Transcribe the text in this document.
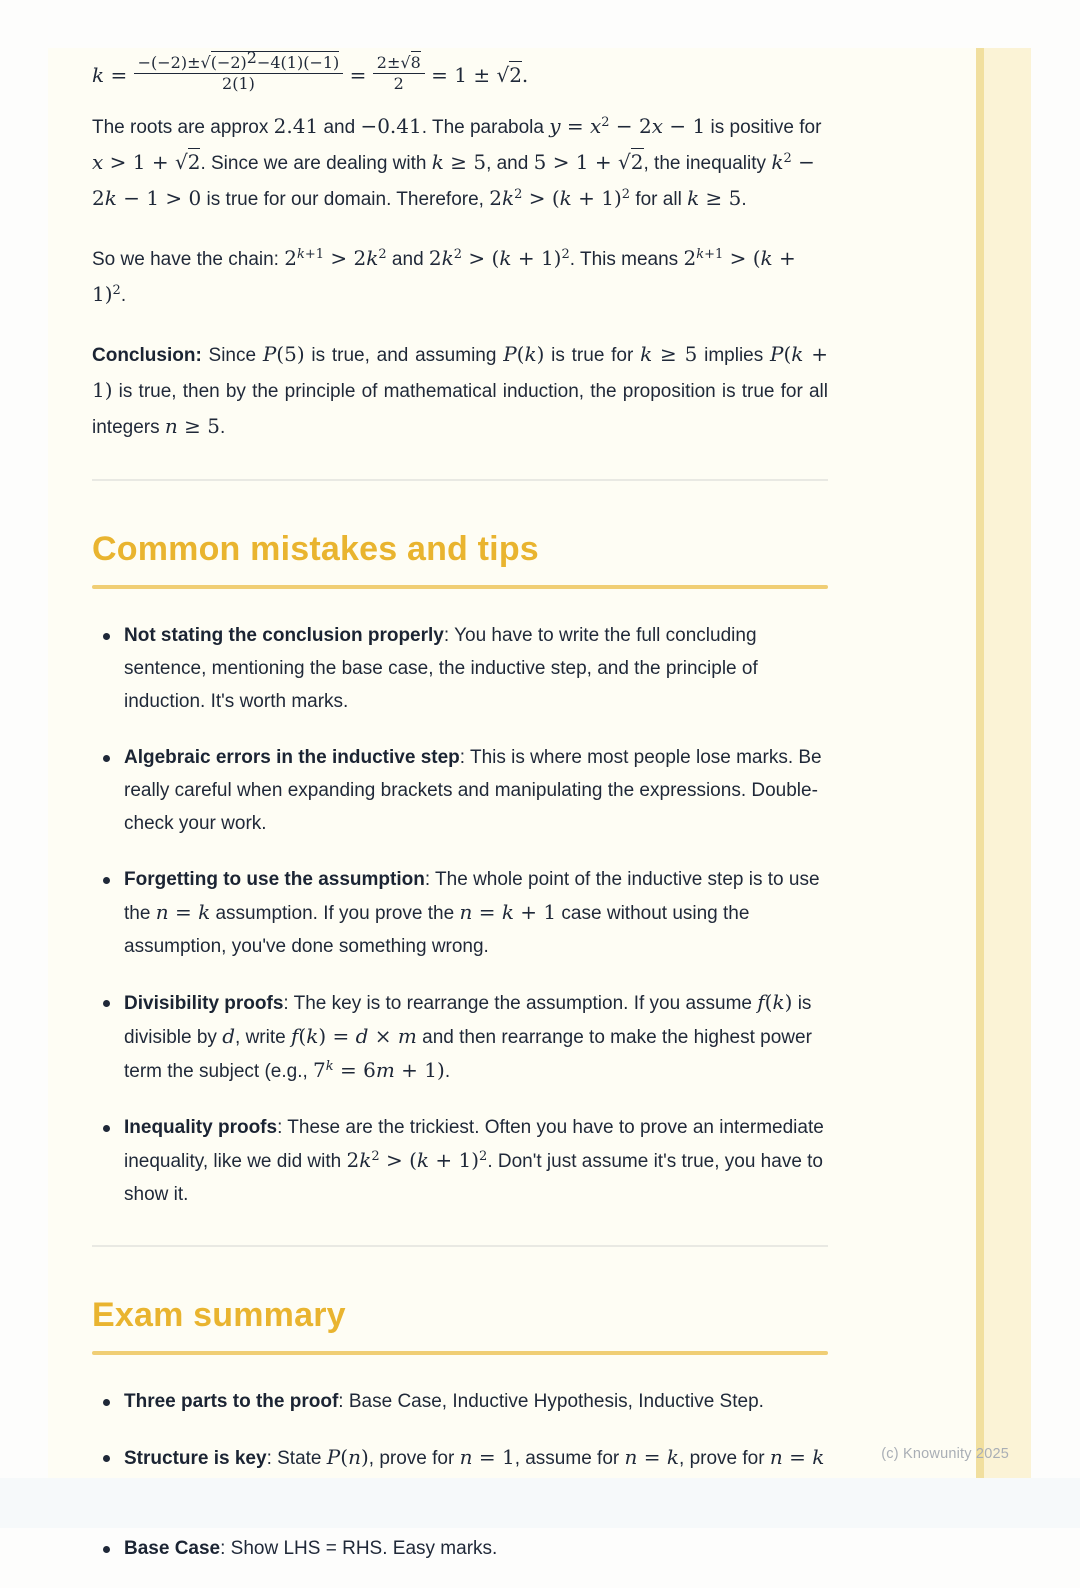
$k = \frac{-(-2)\pm√(-2)2-4(1)(-1)}{2(1)} = \frac{2\pm√8}{2} = 1 \pm √2$.

The roots are approx 2.41 and −0.41. The parabola $y = x^2 - 2x - 1$ is positive for x > 1 + √2. Since we are dealing with k ≥ 5, and 5 > 1 + √2, the inequality $k^2 - 2k - 1 > 0$ is true for our domain. Therefore, $2k^2 > (k + 1)^2$ for all k ≥ 5.

So we have the chain: $2^{k+1} > 2k^2$ and $2k^2 > (k + 1)^2$. This means $2^{k+1} > (k + 1)^2$.

Conclusion: Since P(5) is true, and assuming P(k) is true for k ≥ 5 implies P(k + 1) is true, then by the principle of mathematical induction, the proposition is true for all integers n ≥ 5.

Common mistakes and tips
Not stating the conclusion properly: You have to write the full concluding sentence, mentioning the base case, the inductive step, and the principle of induction. It's worth marks.
Algebraic errors in the inductive step: This is where most people lose marks. Be really careful when expanding brackets and manipulating the expressions. Double-check your work.
Forgetting to use the assumption: The whole point of the inductive step is to use the n = k assumption. If you prove the n = k + 1 case without using the assumption, you've done something wrong.
Divisibility proofs: The key is to rearrange the assumption. If you assume f(k) is divisible by d, write f(k) = d × m and then rearrange to make the highest power term the subject (e.g., $7^k = 6m + 1$).
Inequality proofs: These are the trickiest. Often you have to prove an intermediate inequality, like we did with $2k^2 > (k + 1)^2$. Don't just assume it's true, you have to show it.
Exam summary
Three parts to the proof: Base Case, Inductive Hypothesis, Inductive Step.
Structure is key: State P(n), prove for n = 1, assume for n = k, prove for n = k
Base Case: Show LHS = RHS. Easy marks.
(c) Knowunity 2025
